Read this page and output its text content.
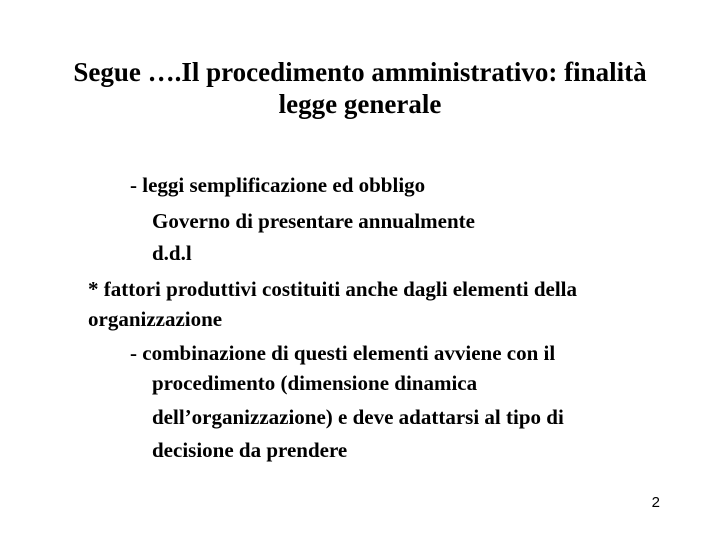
Segue ….Il procedimento amministrativo: finalità
legge generale
- leggi semplificazione ed obbligo
Governo di presentare annualmente
d.d.l
* fattori produttivi costituiti anche dagli elementi della
organizzazione
- combinazione di questi elementi avviene con il
procedimento (dimensione dinamica
dell’organizzazione) e deve adattarsi al tipo di
decisione da prendere
2
